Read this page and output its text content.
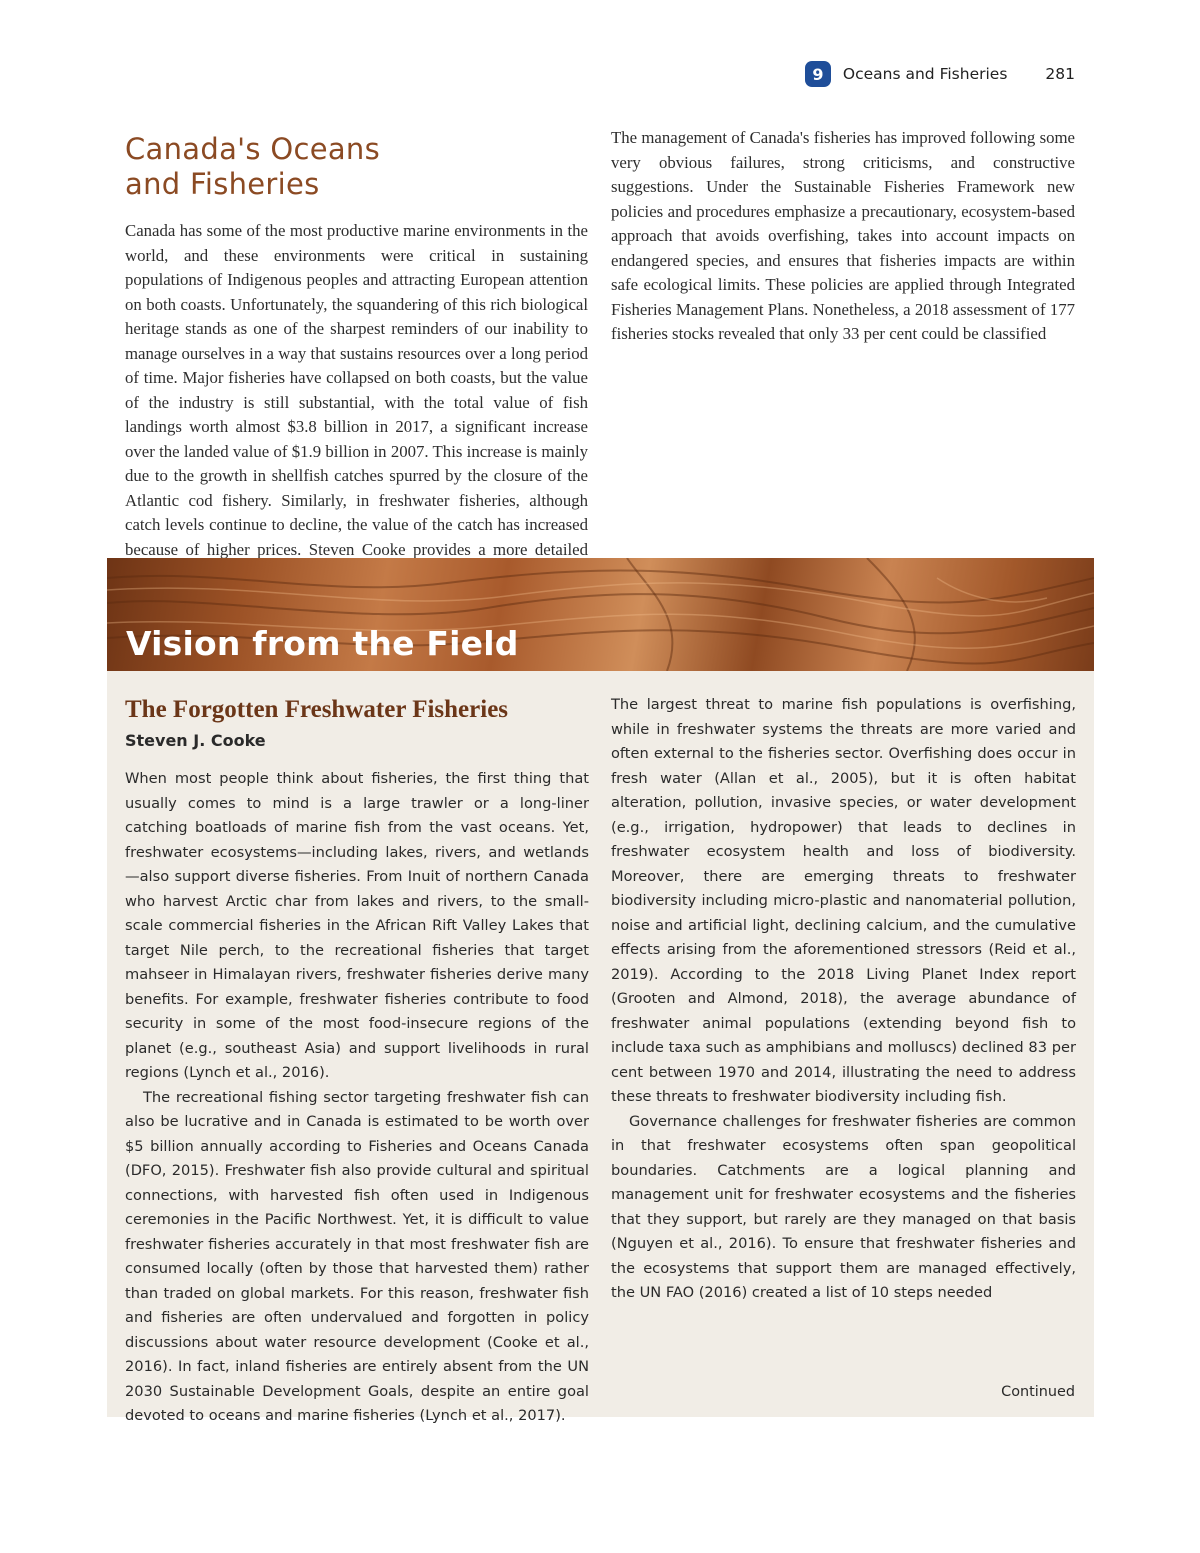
9	Oceans and Fisheries 281
Canada's Oceans
and Fisheries

Canada has some of the most productive marine environments in the world, and these environments were critical in sustaining populations of Indigenous peoples and attracting European attention on both coasts. Unfortunately, the squandering of this rich biological heritage stands as one of the sharpest reminders of our inability to manage ourselves in a way that sustains resources over a long period of time. Major fisheries have collapsed on both coasts, but the value of the industry is still substantial, with the total value of fish landings worth almost $3.8 billion in 2017, a significant increase over the landed value of $1.9 billion in 2007. This increase is mainly due to the growth in shellfish catches spurred by the closure of the Atlantic cod fishery. Similarly, in freshwater fisheries, although catch levels continue to decline, the value of the catch has increased because of higher prices. Steven Cooke provides a more detailed

The management of Canada's fisheries has improved following some very obvious failures, strong criticisms, and constructive suggestions. Under the Sustainable Fisheries Framework new policies and procedures emphasize a precautionary, ecosystem-based approach that avoids overfishing, takes into account impacts on endangered species, and ensures that fisheries impacts are within safe ecological limits. These policies are applied through Integrated Fisheries Management Plans. Nonetheless, a 2018 assessment of 177 fisheries stocks revealed that only 33 per cent could be classified

Vision from the Field
The Forgotten Freshwater Fisheries

Steven J. Cooke

When most people think about fisheries, the first thing that usually comes to mind is a large trawler or a long-liner catching boatloads of marine fish from the vast oceans. Yet, freshwater ecosystems—including lakes, rivers, and wetlands—also support diverse fisheries. From Inuit of northern Canada who harvest Arctic char from lakes and rivers, to the small-scale commercial fisheries in the African Rift Valley Lakes that target Nile perch, to the recreational fisheries that target mahseer in Himalayan rivers, freshwater fisheries derive many benefits. For example, freshwater fisheries contribute to food security in some of the most food-insecure regions of the planet (e.g., southeast Asia) and support livelihoods in rural regions (Lynch et al., 2016).

The recreational fishing sector targeting freshwater fish can also be lucrative and in Canada is estimated to be worth over $5 billion annually according to Fisheries and Oceans Canada (DFO, 2015). Freshwater fish also provide cultural and spiritual connections, with harvested fish often used in Indigenous ceremonies in the Pacific Northwest. Yet, it is difficult to value freshwater fisheries accurately in that most freshwater fish are consumed locally (often by those that harvested them) rather than traded on global markets. For this reason, freshwater fish and fisheries are often undervalued and forgotten in policy discussions about water resource development (Cooke et al., 2016). In fact, inland fisheries are entirely absent from the UN 2030 Sustainable Development Goals, despite an entire goal devoted to oceans and marine fisheries (Lynch et al., 2017).

The largest threat to marine fish populations is overfishing, while in freshwater systems the threats are more varied and often external to the fisheries sector. Overfishing does occur in fresh water (Allan et al., 2005), but it is often habitat alteration, pollution, invasive species, or water development (e.g., irrigation, hydropower) that leads to declines in freshwater ecosystem health and loss of biodiversity. Moreover, there are emerging threats to freshwater biodiversity including micro-plastic and nanomaterial pollution, noise and artificial light, declining calcium, and the cumulative effects arising from the aforementioned stressors (Reid et al., 2019). According to the 2018 Living Planet Index report (Grooten and Almond, 2018), the average abundance of freshwater animal populations (extending beyond fish to include taxa such as amphibians and molluscs) declined 83 per cent between 1970 and 2014, illustrating the need to address these threats to freshwater biodiversity including fish.

Governance challenges for freshwater fisheries are common in that freshwater ecosystems often span geopolitical boundaries. Catchments are a logical planning and management unit for freshwater ecosystems and the fisheries that they support, but rarely are they managed on that basis (Nguyen et al., 2016). To ensure that freshwater fisheries and the ecosystems that support them are managed effectively, the UN FAO (2016) created a list of 10 steps needed

Continued
